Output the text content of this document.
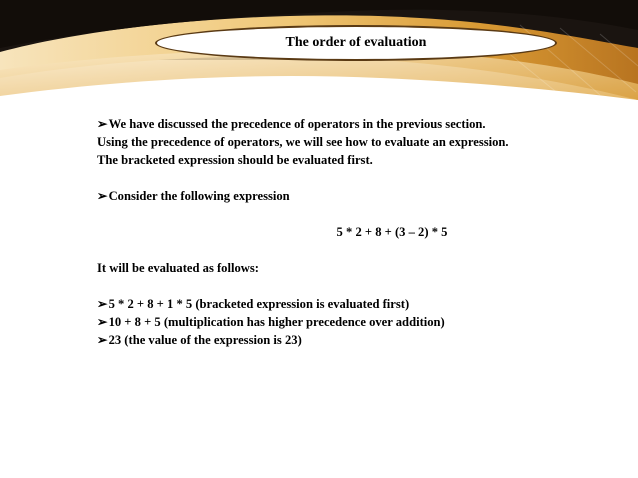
The order of evaluation
➢We have discussed the precedence of operators in the previous section.
Using the precedence of operators, we will see how to evaluate an expression.
The bracketed expression should be evaluated first.
➢Consider the following expression
5 * 2 + 8 + (3 – 2) * 5
It will be evaluated as follows:
➢5 * 2 + 8 + 1 * 5 (bracketed expression is evaluated first)
➢10 + 8 + 5 (multiplication has higher precedence over addition)
➢23 (the value of the expression is 23)
